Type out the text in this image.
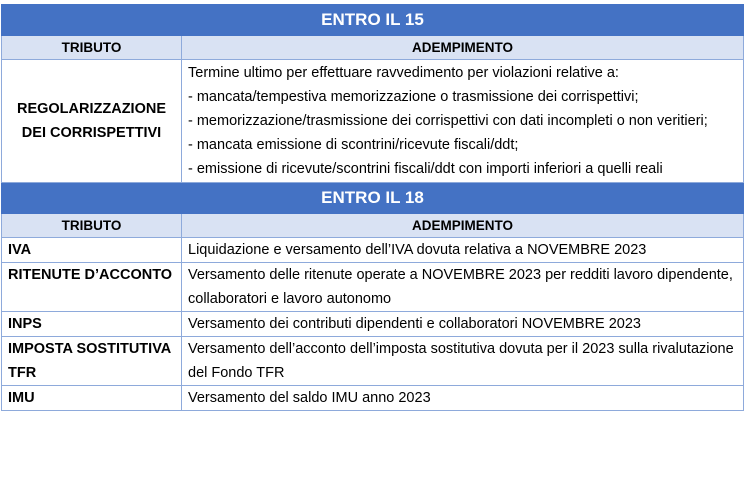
ENTRO IL 15	
TRIBUTO	ADEMPIMENTO
REGOLARIZZAZIONE DEI CORRISPETTIVI	Termine ultimo per effettuare ravvedimento per violazioni relative a:
- mancata/tempestiva memorizzazione o trasmissione dei corrispettivi;
- memorizzazione/trasmissione dei corrispettivi con dati incompleti o non veritieri;
- mancata emissione di scontrini/ricevute fiscali/ddt;
- emissione di ricevute/scontrini fiscali/ddt con importi inferiori a quelli reali

ENTRO IL 18	
TRIBUTO	ADEMPIMENTO
IVA	Liquidazione e versamento dell’IVA dovuta relativa a NOVEMBRE 2023
RITENUTE D’ACCONTO	Versamento delle ritenute operate a NOVEMBRE 2023 per redditi lavoro dipendente, collaboratori e lavoro autonomo
INPS	Versamento dei contributi dipendenti e collaboratori NOVEMBRE 2023
IMPOSTA SOSTITUTIVA TFR	Versamento dell’acconto dell’imposta sostitutiva dovuta per il 2023 sulla rivalutazione del Fondo TFR
IMU	Versamento del saldo IMU anno 2023
